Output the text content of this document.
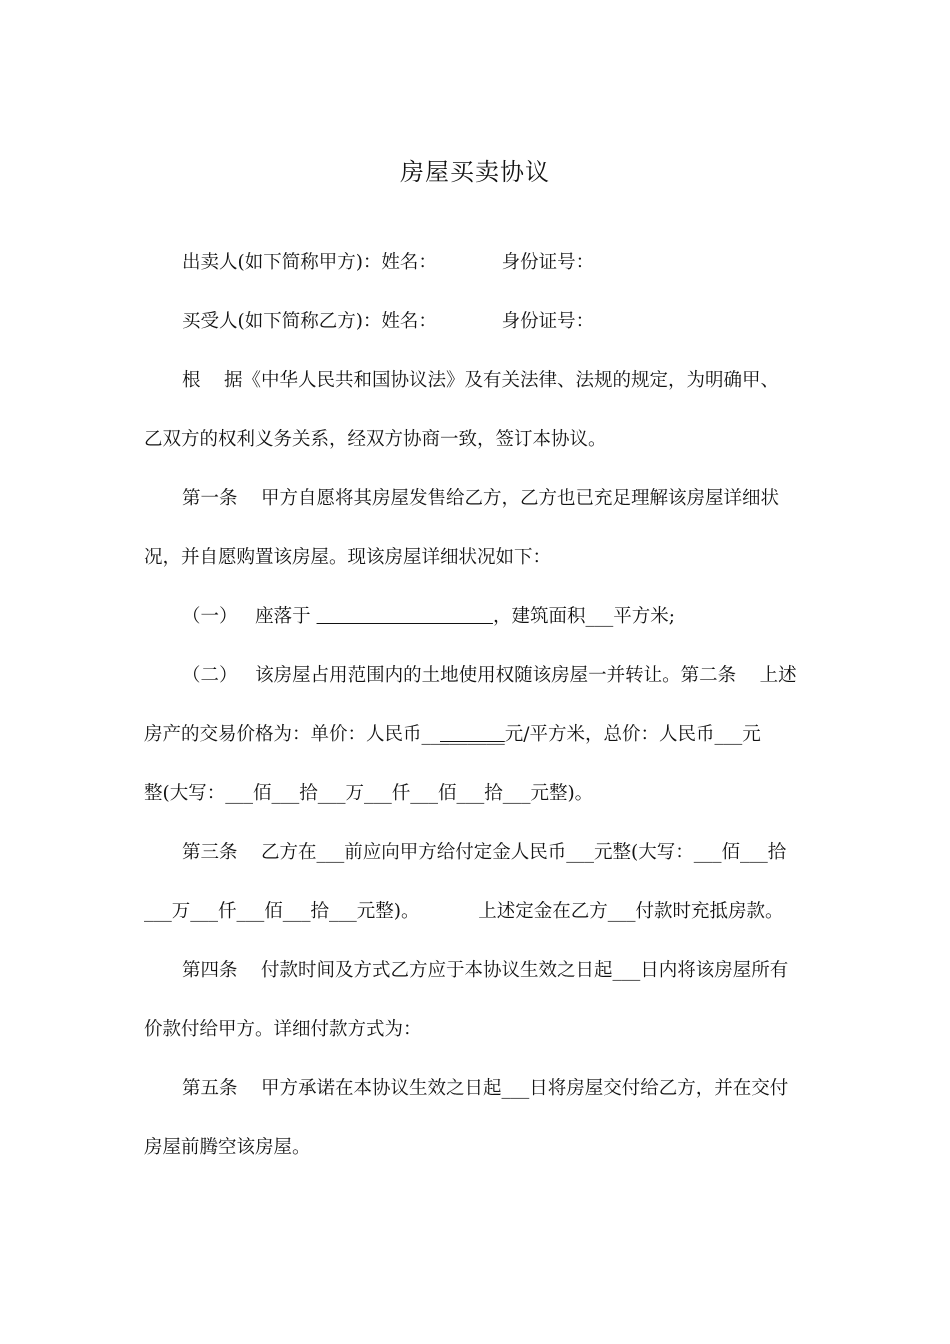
房屋买卖协议
出卖人(如下简称甲方)：姓名：           身份证号：
买受人(如下简称乙方)：姓名：           身份证号：
根    据《中华人民共和国协议法》及有关法律、法规的规定，为明确甲、
乙双方的权利义务关系，经双方协商一致，签订本协议。
第一条    甲方自愿将其房屋发售给乙方，乙方也已充足理解该房屋详细状
况，并自愿购置该房屋。现该房屋详细状况如下：
（一）   座落于	，建筑面积___平方米;
（二）   该房屋占用范围内的土地使用权随该房屋一并转让。第二条    上述
房产的交易价格为：单价：人民币_________元/平方米，总价：人民币___元
整(大写：___佰___拾___万___仟___佰___拾___元整)。
第三条    乙方在___前应向甲方给付定金人民币___元整(大写：___佰___拾
___万___仟___佰___拾___元整)。          上述定金在乙方___付款时充抵房款。
第四条    付款时间及方式乙方应于本协议生效之日起___日内将该房屋所有
价款付给甲方。详细付款方式为：
第五条    甲方承诺在本协议生效之日起___日将房屋交付给乙方，并在交付
房屋前腾空该房屋。
